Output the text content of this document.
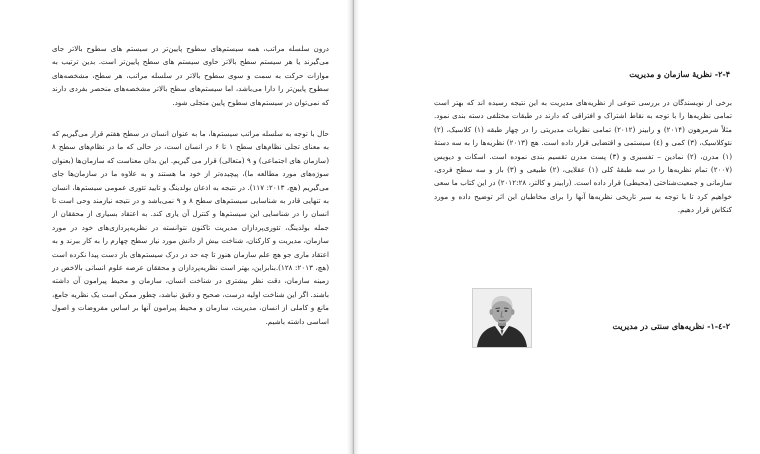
درون سلسله مراتب، همه سیستم‌های سطوح پایین‌تر در سیستم های سطوح بالاتر جای می‌گیرند یا هر سیستم سطح بالاتر حاوی سیستم های سطح پایین‌تر است. بدین ترتیب به موازات حرکت به سمت و سوی سطوح بالاتر در سلسله مراتب، هر سطح، مشخصه‌های سطوح پایین‌تر را دارا می‌باشد، اما سیستم‌های سطح بالاتر مشخصه‌های منحصر بفردی دارند که نمی‌توان در سیستم‌های سطوح پایین متجلی شود.

حال با توجه به سلسله مراتب سیستم‌ها، ما به عنوان انسان در سطح هفتم قرار می‌گیریم که به معنای تجلی نظام‌های سطح ۱ تا ۶ در انسان است، در حالی که ما در نظام‌های سطح ۸ (سازمان های اجتماعی) و ۹ (متعالی) قرار می گیریم. این بدان معناست که سازمان‌ها (بعنوان سوژه‌های مورد مطالعه ما)، پیچیده‌تر از خود ما هستند و به علاوه ما در سازمان‌ها جای می‌گیریم (هچ، ۲۰۱۳: ۱۱۷). در نتیجه به اذعان بولدینگ و تایید تئوری عمومی سیستم‌ها، انسان به تنهایی قادر به شناسایی سیستم‌های سطح ۸ و ۹ نمی‌باشد و در نتیجه نیازمند وحی است تا انسان را در شناسایی این سیستم‌ها و کنترل آن یاری کند. به اعتقاد بسیاری از محققان از جمله بولدینگ، تئوری‌پردازان مدیریت تاکنون نتوانسته در نظریه‌پردازی‌های خود در مورد سازمان، مدیریت و کارکنان، شناخت بیش از دانش مورد نیاز سطح چهارم را به کار ببرند و به اعتقاد ماری جو هچ علم سازمان هنوز تا چه حد در درک سیستم‌های باز دست پیدا نکرده است (هچ، ۲۰۱۳: ۱۲۸).بنابراین، بهتر است نظریه‌پردازان و محققان عرصه علوم انسانی بالاخص در زمینه سازمان، دقت نظر بیشتری در شناخت انسان، سازمان و محیط پیرامون آن داشته باشند. اگر این شناخت اولیه درست، صحیح و دقیق نباشد، چطور ممکن است یک نظریه جامع، مانع و کاملی از انسان، مدیریت، سازمان و محیط پیرامون آنها بر اساس مفروضات و اصول اساسی داشته باشیم.

۲-۴- نظریهٔ سازمان و مدیریت

برخی از نویسندگان در بررسی تنوعی از نظریه‌های مدیریت به این نتیجه رسیده اند که بهتر است تمامی نظریه‌ها را با توجه به نقاط اشتراک و افتراقی که دارند در طبقات مختلفی دسته بندی نمود. مثلاً شرمرهون (۲۰۱۴) و رابینز (۲۰۱۲) تمامی نظریات مدیریتی را در چهار طبقه (۱) کلاسیک، (۲) نئوکلاسیک، (۳) کمی و (٤) سیستمی و اقتضایی قرار داده است. هچ (۲۰۱۳) نظریه‌ها را به سه دستهٔ (۱) مدرن، (۲) نمادین – تفسیری و (۳) پست مدرن تقسیم بندی نموده است. اسکات و دیویس (۲۰۰۷) تمام نظریه‌ها را در سه طبقهٔ کلی (۱) عقلایی، (۲) طبیعی و (۳) باز و سه سطح فردی، سازمانی و جمعیت‌شناختی (محیطی) قرار داده است. (رابینز و کالتر، ۲۰۱۲:۲۸) در این کتاب ما سعی خواهیم کرد تا با توجه به سیر تاریخی نظریه‌ها آنها را برای مخاطبان این اثر توضیح داده و مورد کنکاش قرار دهیم.

۲-٤-۱- نظریه‌های سنتی در مدیریت
